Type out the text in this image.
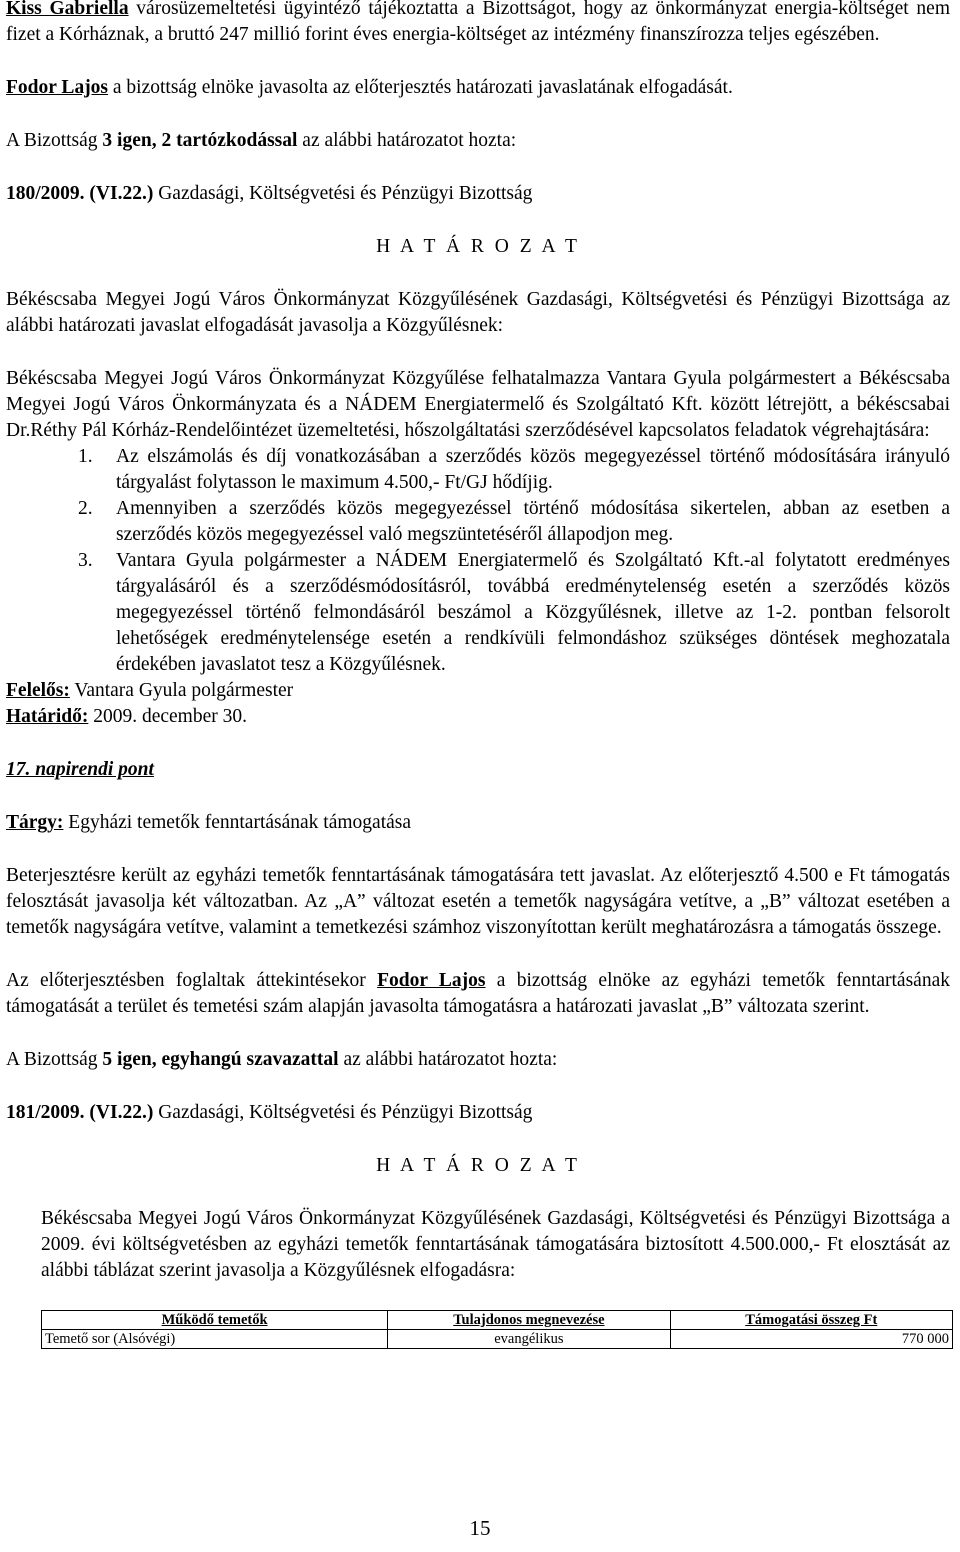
Kiss Gabriella városüzemeltetési ügyintéző tájékoztatta a Bizottságot, hogy az önkormányzat energia-költséget nem fizet a Kórháznak, a bruttó 247 millió forint éves energia-költséget az intézmény finanszírozza teljes egészében.

Fodor Lajos a bizottság elnöke javasolta az előterjesztés határozati javaslatának elfogadását.

A Bizottság 3 igen, 2 tartózkodással az alábbi határozatot hozta:

180/2009. (VI.22.) Gazdasági, Költségvetési és Pénzügyi Bizottság

H A T Á R O Z A T

Békéscsaba Megyei Jogú Város Önkormányzat Közgyűlésének Gazdasági, Költségvetési és Pénzügyi Bizottsága az alábbi határozati javaslat elfogadását javasolja a Közgyűlésnek:

Békéscsaba Megyei Jogú Város Önkormányzat Közgyűlése felhatalmazza Vantara Gyula polgármestert a Békéscsaba Megyei Jogú Város Önkormányzata és a NÁDEM Energiatermelő és Szolgáltató Kft. között létrejött, a békéscsabai Dr.Réthy Pál Kórház-Rendelőintézet üzemeltetési, hőszolgáltatási szerződésével kapcsolatos feladatok végrehajtására:

1. Az elszámolás és díj vonatkozásában a szerződés közös megegyezéssel történő módosítására irányuló tárgyalást folytasson le maximum 4.500,- Ft/GJ hődíjig.
2. Amennyiben a szerződés közös megegyezéssel történő módosítása sikertelen, abban az esetben a szerződés közös megegyezéssel való megszüntetéséről állapodjon meg.
3. Vantara Gyula polgármester a NÁDEM Energiatermelő és Szolgáltató Kft.-al folytatott eredményes tárgyalásáról és a szerződésmódosításról, továbbá eredménytelenség esetén a szerződés közös megegyezéssel történő felmondásáról beszámol a Közgyűlésnek, illetve az 1-2. pontban felsorolt lehetőségek eredménytelensége esetén a rendkívüli felmondáshoz szükséges döntések meghozatala érdekében javaslatot tesz a Közgyűlésnek.

Felelős: Vantara Gyula polgármester

Határidő: 2009. december 30.

17. napirendi pont

Tárgy: Egyházi temetők fenntartásának támogatása

Beterjesztésre került az egyházi temetők fenntartásának támogatására tett javaslat. Az előterjesztő 4.500 e Ft támogatás felosztását javasolja két változatban. Az „A” változat esetén a temetők nagyságára vetítve, a „B” változat esetében a temetők nagyságára vetítve, valamint a temetkezési számhoz viszonyítottan került meghatározásra a támogatás összege.

Az előterjesztésben foglaltak áttekintésekor Fodor Lajos a bizottság elnöke az egyházi temetők fenntartásának támogatását a terület és temetési szám alapján javasolta támogatásra a határozati javaslat „B” változata szerint.

A Bizottság 5 igen, egyhangú szavazattal az alábbi határozatot hozta:

181/2009. (VI.22.) Gazdasági, Költségvetési és Pénzügyi Bizottság

H A T Á R O Z A T

Békéscsaba Megyei Jogú Város Önkormányzat Közgyűlésének Gazdasági, Költségvetési és Pénzügyi Bizottsága a 2009. évi költségvetésben az egyházi temetők fenntartásának támogatására biztosított 4.500.000,- Ft elosztását az alábbi táblázat szerint javasolja a Közgyűlésnek elfogadásra:

Működő temetők	Tulajdonos megnevezése	Támogatási összeg Ft
Temető sor (Alsóvégi)	evangélikus	770 000
15
